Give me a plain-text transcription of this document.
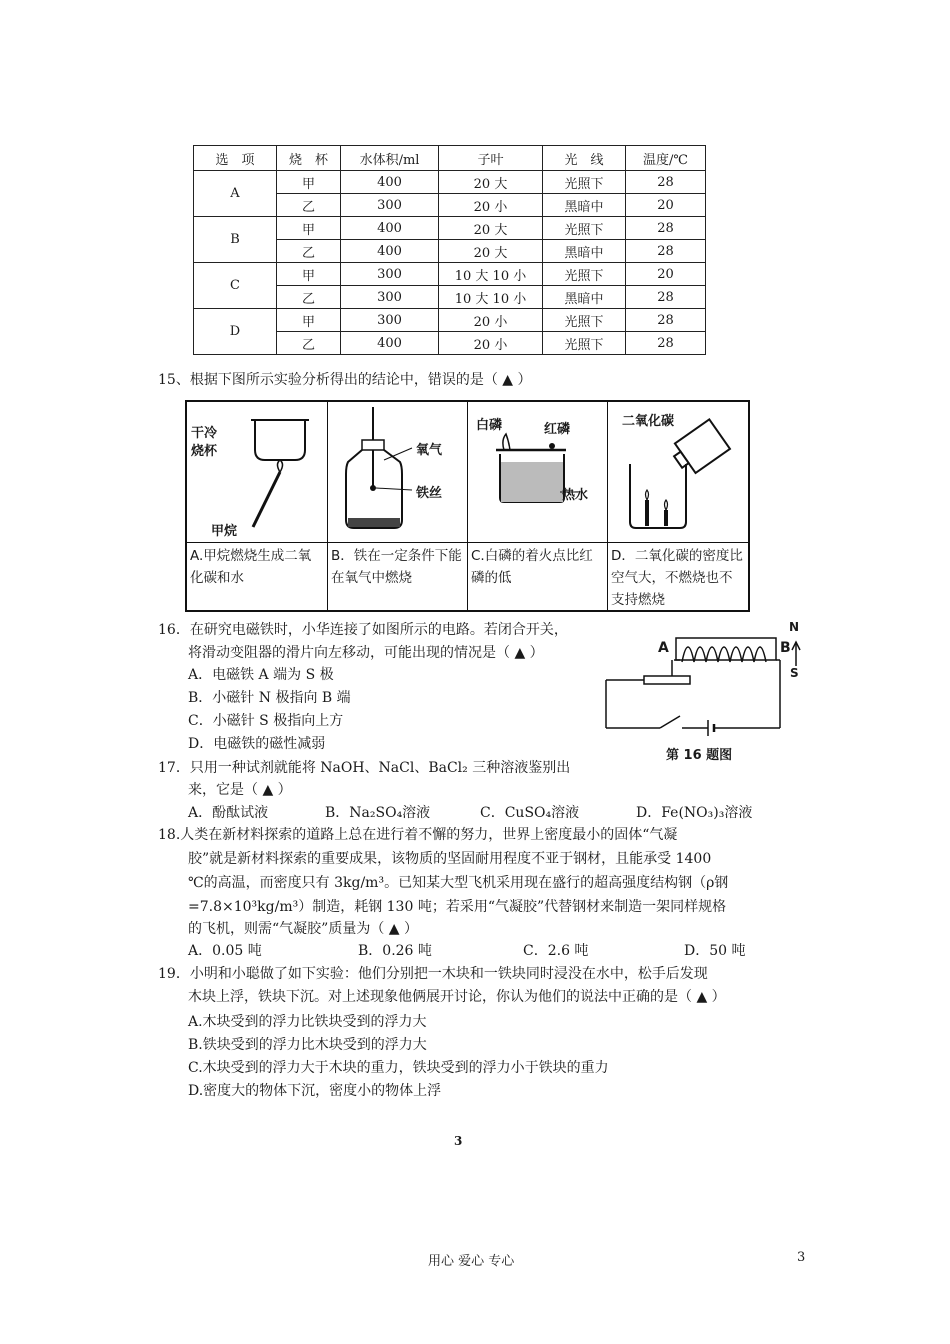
选　项	烧　杯	水体积/ml	子叶	光　线	温度/℃
A	甲	400	20 大	光照下	28
	乙	300	20 小	黑暗中	20
B	甲	400	20 大	光照下	28
	乙	400	20 大	黑暗中	28
C	甲	300	10 大 10 小	光照下	20
	乙	300	10 大 10 小	黑暗中	28
D	甲	300	20 小	光照下	28
	乙	400	20 小	光照下	28
15、根据下图所示实验分析得出的结论中，错误的是（ ▲ ）
干冷
烧杯
甲烷
氧气
铁丝
白磷	红磷
热水
二氧化碳
A.甲烷燃烧生成二氧化碳和水
B．铁在一定条件下能在氧气中燃烧
C.白磷的着火点比红磷的低
D．二氧化碳的密度比空气大，不燃烧也不支持燃烧
16．在研究电磁铁时，小华连接了如图所示的电路。若闭合开关，
将滑动变阻器的滑片向左移动，可能出现的情况是（ ▲ ）
A．电磁铁 A 端为 S 极
B．小磁针 N 极指向 B 端
C．小磁针 S 极指向上方
D．电磁铁的磁性减弱
A	B
N
S
第 16 题图
17．只用一种试剂就能将 NaOH、NaCl、BaCl₂ 三种溶液鉴别出
来，它是（ ▲ ）
A．酚酞试液	B．Na₂SO₄溶液	C．CuSO₄溶液	D．Fe(NO₃)₃溶液
18.人类在新材料探索的道路上总在进行着不懈的努力，世界上密度最小的固体“气凝
胶”就是新材料探索的重要成果，该物质的坚固耐用程度不亚于钢材，且能承受 1400
℃的高温，而密度只有 3kg/m³。已知某大型飞机采用现在盛行的超高强度结构钢（ρ钢
=7.8×10³kg/m³）制造，耗钢 130 吨；若采用“气凝胶”代替钢材来制造一架同样规格
的飞机，则需“气凝胶”质量为（ ▲ ）
A．0.05 吨	B．0.26 吨	C．2.6 吨	D．50 吨
19．小明和小聪做了如下实验：他们分别把一木块和一铁块同时浸没在水中，松手后发现
木块上浮，铁块下沉。对上述现象他俩展开讨论，你认为他们的说法中正确的是（ ▲ ）
A.木块受到的浮力比铁块受到的浮力大
B.铁块受到的浮力比木块受到的浮力大
C.木块受到的浮力大于木块的重力，铁块受到的浮力小于铁块的重力
D.密度大的物体下沉，密度小的物体上浮
3
用心 爱心 专心	3
